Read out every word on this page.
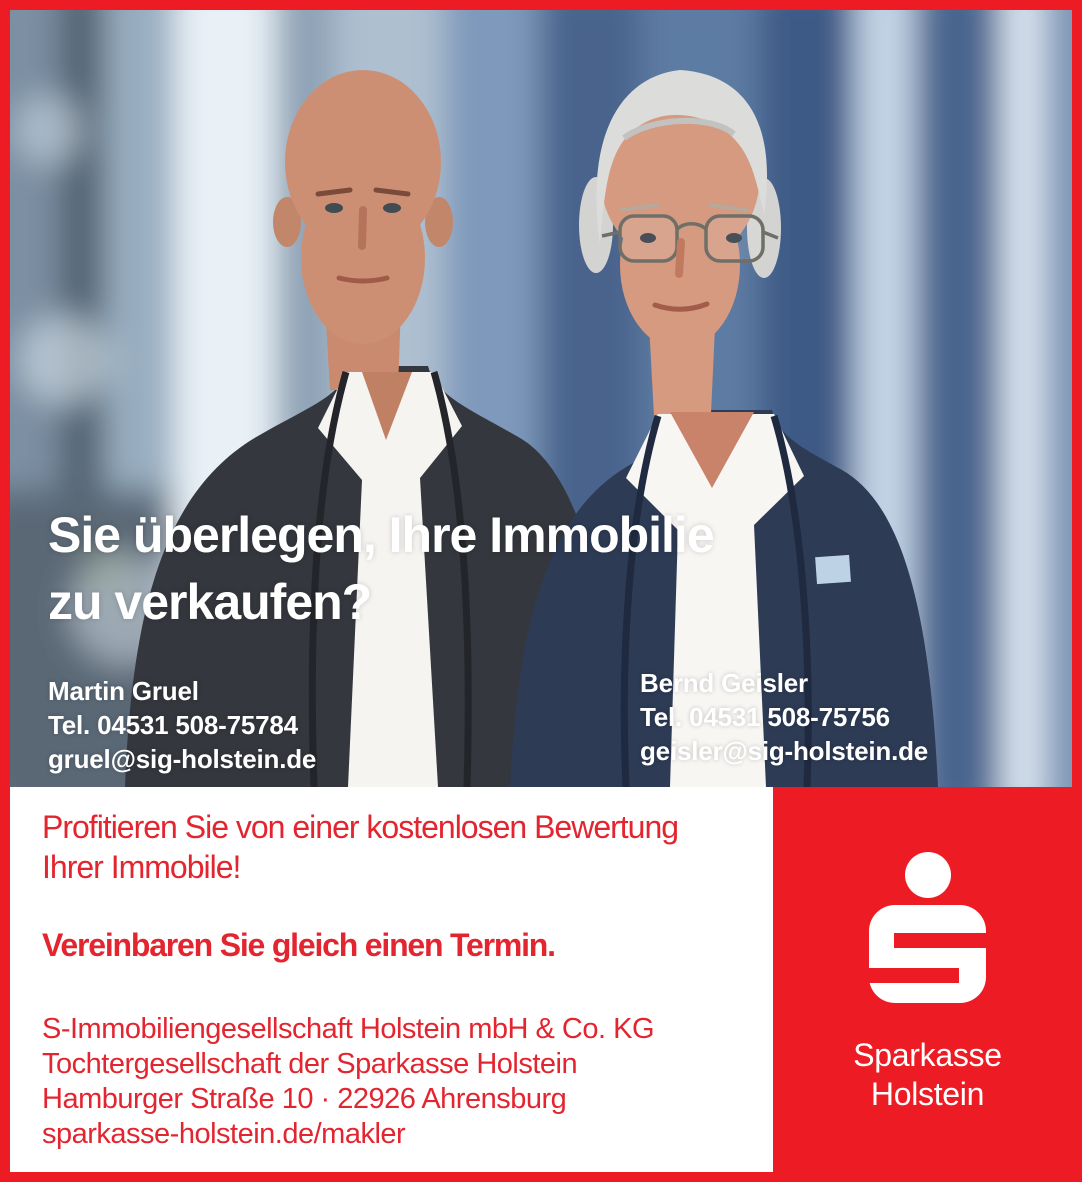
Sie überlegen, Ihre Immobilie
zu verkaufen?
Martin Gruel
Tel. 04531 508-75784
gruel@sig-holstein.de
Bernd Geisler
Tel. 04531 508-75756
geisler@sig-holstein.de

Profitieren Sie von einer kostenlosen Bewertung
Ihrer Immobile!

Vereinbaren Sie gleich einen Termin.

S-Immobiliengesellschaft Holstein mbH & Co. KG
Tochtergesellschaft der Sparkasse Holstein
Hamburger Straße 10 · 22926 Ahrensburg
sparkasse-holstein.de/makler
Sparkasse
Holstein
